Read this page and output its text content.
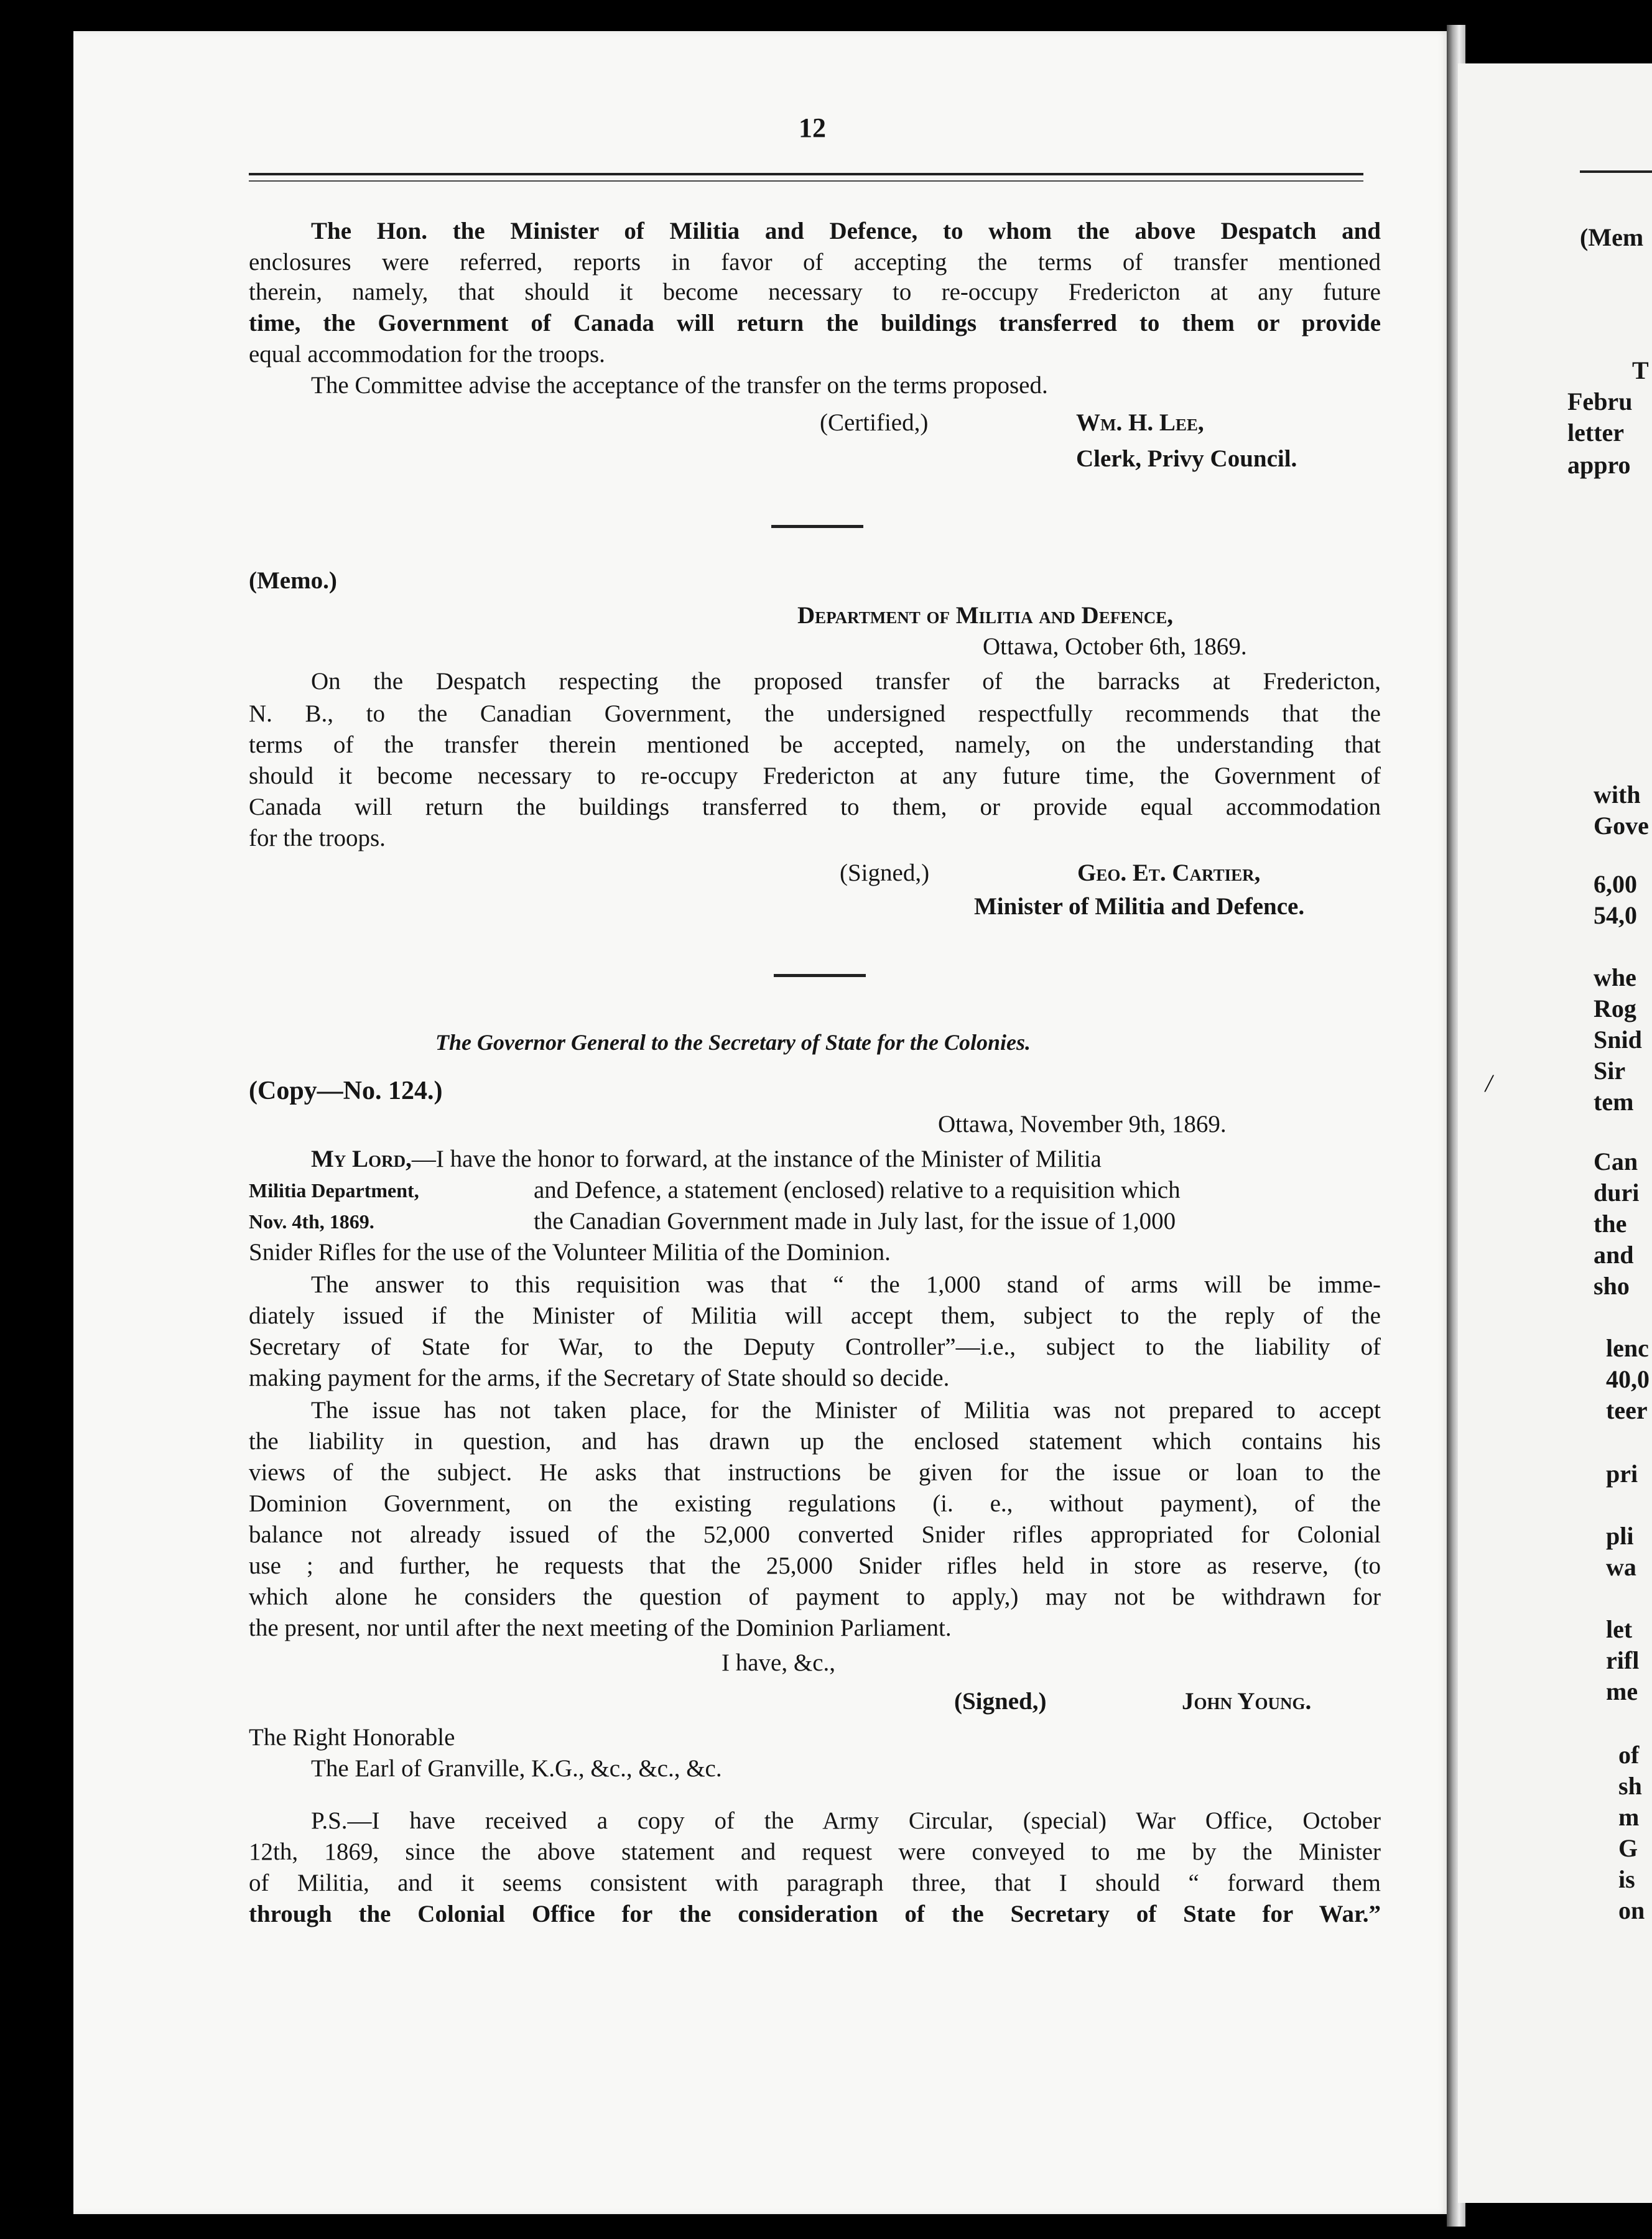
12
The Hon. the Minister of Militia and Defence, to whom the above Despatch and
enclosures were referred, reports in favor of accepting the terms of transfer mentioned
therein, namely, that should it become necessary to re-occupy Fredericton at any future
time, the Government of Canada will return the buildings transferred to them or provide
equal accommodation for the troops.
The Committee advise the acceptance of the transfer on the terms proposed.
(Certified,)	Wm. H. Lee,
Clerk, Privy Council.
(Memo.)
Department of Militia and Defence,
Ottawa, October 6th, 1869.
On the Despatch respecting the proposed transfer of the barracks at Fredericton,
N. B., to the Canadian Government, the undersigned respectfully recommends that the
terms of the transfer therein mentioned be accepted, namely, on the understanding that
should it become necessary to re-occupy Fredericton at any future time, the Government of
Canada will return the buildings transferred to them, or provide equal accommodation
for the troops.
(Signed,)	Geo. Et. Cartier,
Minister of Militia and Defence.
The Governor General to the Secretary of State for the Colonies.
(Copy—No. 124.)
Ottawa, November 9th, 1869.
My Lord,—I have the honor to forward, at the instance of the Minister of Militia
Militia Department,	and Defence, a statement (enclosed) relative to a requisition which
Nov. 4th, 1869.	the Canadian Government made in July last, for the issue of 1,000
Snider Rifles for the use of the Volunteer Militia of the Dominion.
The answer to this requisition was that “ the 1,000 stand of arms will be imme-
diately issued if the Minister of Militia will accept them, subject to the reply of the
Secretary of State for War, to the Deputy Controller”—i.e., subject to the liability of
making payment for the arms, if the Secretary of State should so decide.
The issue has not taken place, for the Minister of Militia was not prepared to accept
the liability in question, and has drawn up the enclosed statement which contains his
views of the subject. He asks that instructions be given for the issue or loan to the
Dominion Government, on the existing regulations (i. e., without payment), of the
balance not already issued of the 52,000 converted Snider rifles appropriated for Colonial
use ; and further, he requests that the 25,000 Snider rifles held in store as reserve, (to
which alone he considers the question of payment to apply,) may not be withdrawn for
the present, nor until after the next meeting of the Dominion Parliament.
I have, &c.,
(Signed,)	John Young.
The Right Honorable
The Earl of Granville, K.G., &c., &c., &c.
P.S.—I have received a copy of the Army Circular, (special) War Office, October
12th, 1869, since the above statement and request were conveyed to me by the Minister
of Militia, and it seems consistent with paragraph three, that I should “ forward them
through the Colonial Office for the consideration of the Secretary of State for War.”
/
(Mem
T
Febru
letter
appro
with
Gove
6,00
54,0
whe
Rog
Snid
Sir
tem
Can
duri
the
and
sho
lenc
40,0
teer
pri
pli
wa
let
rifl
me
of
sh
m
G
is
on
